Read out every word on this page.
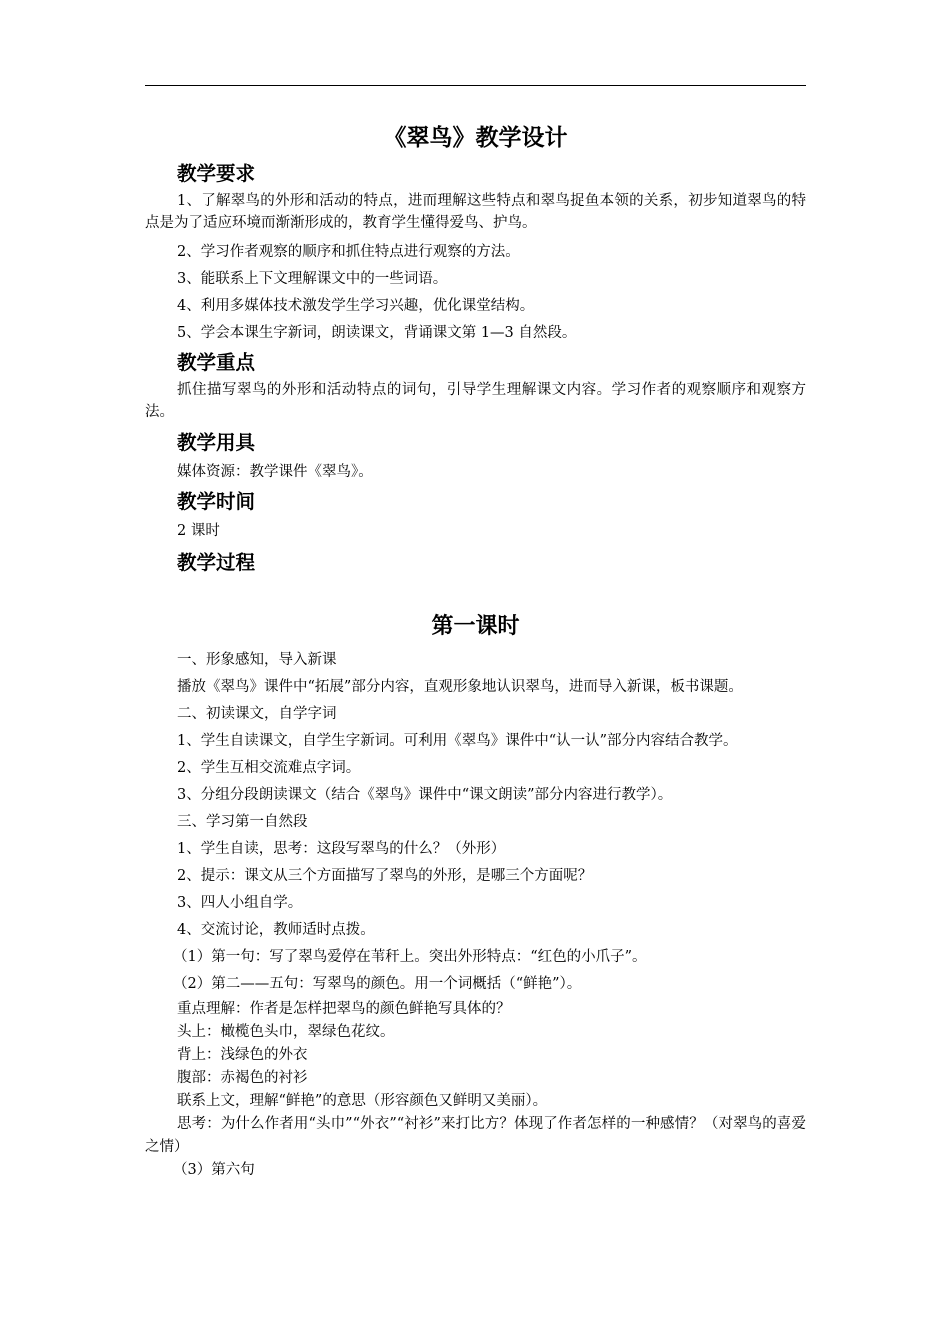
《翠鸟》教学设计

教学要求

1、了解翠鸟的外形和活动的特点，进而理解这些特点和翠鸟捉鱼本领的关系，初步知道翠鸟的特点是为了适应环境而渐渐形成的，教育学生懂得爱鸟、护鸟。

2、学习作者观察的顺序和抓住特点进行观察的方法。

3、能联系上下文理解课文中的一些词语。

4、利用多媒体技术激发学生学习兴趣，优化课堂结构。

5、学会本课生字新词，朗读课文，背诵课文第 1—3 自然段。

教学重点

抓住描写翠鸟的外形和活动特点的词句，引导学生理解课文内容。学习作者的观察顺序和观察方法。

教学用具

媒体资源：教学课件《翠鸟》。

教学时间

2 课时

教学过程

第一课时

一、形象感知，导入新课

播放《翠鸟》课件中“拓展”部分内容，直观形象地认识翠鸟，进而导入新课，板书课题。

二、初读课文，自学字词

1、学生自读课文，自学生字新词。可利用《翠鸟》课件中“认一认”部分内容结合教学。

2、学生互相交流难点字词。

3、分组分段朗读课文（结合《翠鸟》课件中“课文朗读”部分内容进行教学）。

三、学习第一自然段

1、学生自读，思考：这段写翠鸟的什么？（外形）

2、提示：课文从三个方面描写了翠鸟的外形，是哪三个方面呢？

3、四人小组自学。

4、交流讨论，教师适时点拨。

（1）第一句：写了翠鸟爱停在苇秆上。突出外形特点：“红色的小爪子”。

（2）第二——五句：写翠鸟的颜色。用一个词概括（“鲜艳”）。

重点理解：作者是怎样把翠鸟的颜色鲜艳写具体的？

头上：橄榄色头巾，翠绿色花纹。

背上：浅绿色的外衣

腹部：赤褐色的衬衫

联系上文，理解“鲜艳”的意思（形容颜色又鲜明又美丽）。

思考：为什么作者用“头巾”“外衣”“衬衫”来打比方？体现了作者怎样的一种感情？（对翠鸟的喜爱之情）

（3）第六句
